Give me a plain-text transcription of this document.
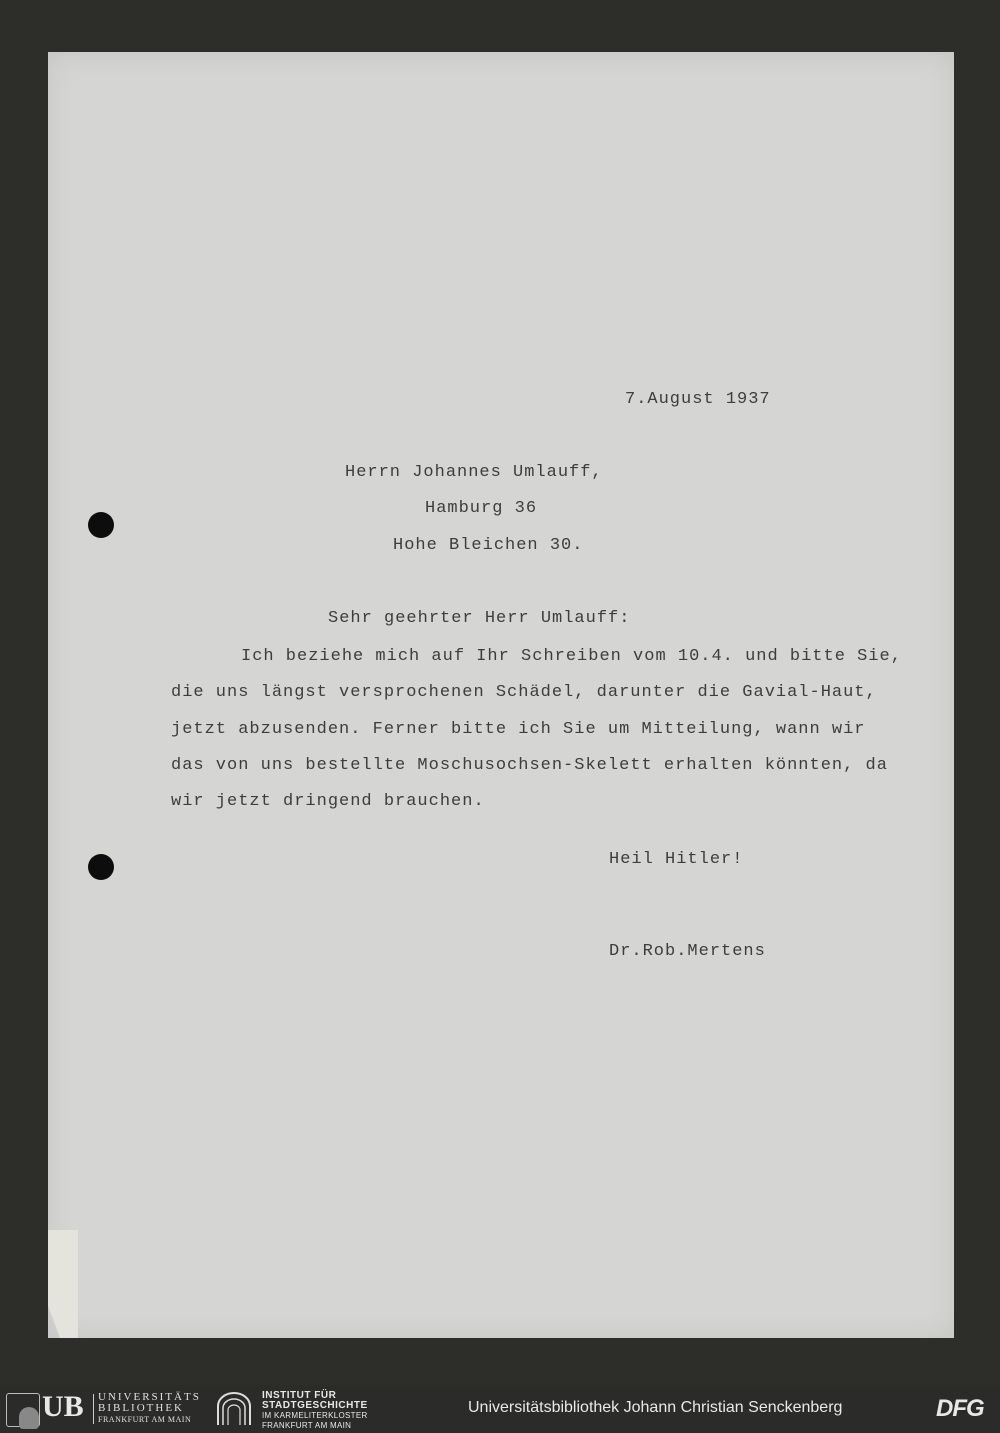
7.August 1937
Herrn Johannes Umlauff,
Hamburg 36
Hohe Bleichen 30.
Sehr geehrter Herr Umlauff:
Ich beziehe mich auf Ihr Schreiben vom 10.4. und bitte Sie,
die uns längst versprochenen Schädel, darunter die Gavial-Haut,
jetzt abzusenden. Ferner bitte ich Sie um Mitteilung, wann wir
das von uns bestellte Moschusochsen-Skelett erhalten könnten, da
wir jetzt dringend brauchen.
Heil Hitler!
Dr.Rob.Mertens
UB UNIVERSITÄTS
BIBLIOTHEK
FRANKFURT AM MAIN
INSTITUT FÜR
STADTGESCHICHTE
IM KARMELITERKLOSTER
FRANKFURT AM MAIN
Universitätsbibliothek Johann Christian Senckenberg	DFG
